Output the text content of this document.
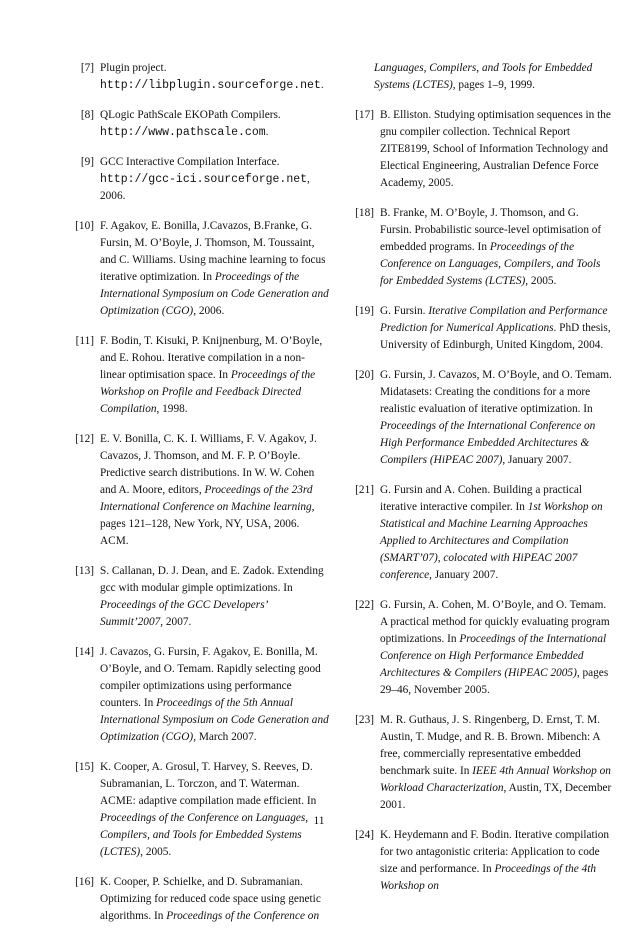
[7] Plugin project. http://libplugin.sourceforge.net.
[8] QLogic PathScale EKOPath Compilers. http://www.pathscale.com.
[9] GCC Interactive Compilation Interface. http://gcc-ici.sourceforge.net, 2006.
[10] F. Agakov, E. Bonilla, J.Cavazos, B.Franke, G. Fursin, M. O’Boyle, J. Thomson, M. Toussaint, and C. Williams. Using machine learning to focus iterative optimization. In Proceedings of the International Symposium on Code Generation and Optimization (CGO), 2006.
[11] F. Bodin, T. Kisuki, P. Knijnenburg, M. O’Boyle, and E. Rohou. Iterative compilation in a non-linear optimisation space. In Proceedings of the Workshop on Profile and Feedback Directed Compilation, 1998.
[12] E. V. Bonilla, C. K. I. Williams, F. V. Agakov, J. Cavazos, J. Thomson, and M. F. P. O’Boyle. Predictive search distributions. In W. W. Cohen and A. Moore, editors, Proceedings of the 23rd International Conference on Machine learning, pages 121–128, New York, NY, USA, 2006. ACM.
[13] S. Callanan, D. J. Dean, and E. Zadok. Extending gcc with modular gimple optimizations. In Proceedings of the GCC Developers’ Summit’2007, 2007.
[14] J. Cavazos, G. Fursin, F. Agakov, E. Bonilla, M. O’Boyle, and O. Temam. Rapidly selecting good compiler optimizations using performance counters. In Proceedings of the 5th Annual International Symposium on Code Generation and Optimization (CGO), March 2007.
[15] K. Cooper, A. Grosul, T. Harvey, S. Reeves, D. Subramanian, L. Torczon, and T. Waterman. ACME: adaptive compilation made efficient. In Proceedings of the Conference on Languages, Compilers, and Tools for Embedded Systems (LCTES), 2005.
[16] K. Cooper, P. Schielke, and D. Subramanian. Optimizing for reduced code space using genetic algorithms. In Proceedings of the Conference on
Languages, Compilers, and Tools for Embedded Systems (LCTES), pages 1–9, 1999.
[17] B. Elliston. Studying optimisation sequences in the gnu compiler collection. Technical Report ZITE8199, School of Information Technology and Electical Engineering, Australian Defence Force Academy, 2005.
[18] B. Franke, M. O’Boyle, J. Thomson, and G. Fursin. Probabilistic source-level optimisation of embedded programs. In Proceedings of the Conference on Languages, Compilers, and Tools for Embedded Systems (LCTES), 2005.
[19] G. Fursin. Iterative Compilation and Performance Prediction for Numerical Applications. PhD thesis, University of Edinburgh, United Kingdom, 2004.
[20] G. Fursin, J. Cavazos, M. O’Boyle, and O. Temam. Midatasets: Creating the conditions for a more realistic evaluation of iterative optimization. In Proceedings of the International Conference on High Performance Embedded Architectures & Compilers (HiPEAC 2007), January 2007.
[21] G. Fursin and A. Cohen. Building a practical iterative interactive compiler. In 1st Workshop on Statistical and Machine Learning Approaches Applied to Architectures and Compilation (SMART’07), colocated with HiPEAC 2007 conference, January 2007.
[22] G. Fursin, A. Cohen, M. O’Boyle, and O. Temam. A practical method for quickly evaluating program optimizations. In Proceedings of the International Conference on High Performance Embedded Architectures & Compilers (HiPEAC 2005), pages 29–46, November 2005.
[23] M. R. Guthaus, J. S. Ringenberg, D. Ernst, T. M. Austin, T. Mudge, and R. B. Brown. Mibench: A free, commercially representative embedded benchmark suite. In IEEE 4th Annual Workshop on Workload Characterization, Austin, TX, December 2001.
[24] K. Heydemann and F. Bodin. Iterative compilation for two antagonistic criteria: Application to code size and performance. In Proceedings of the 4th Workshop on
11
